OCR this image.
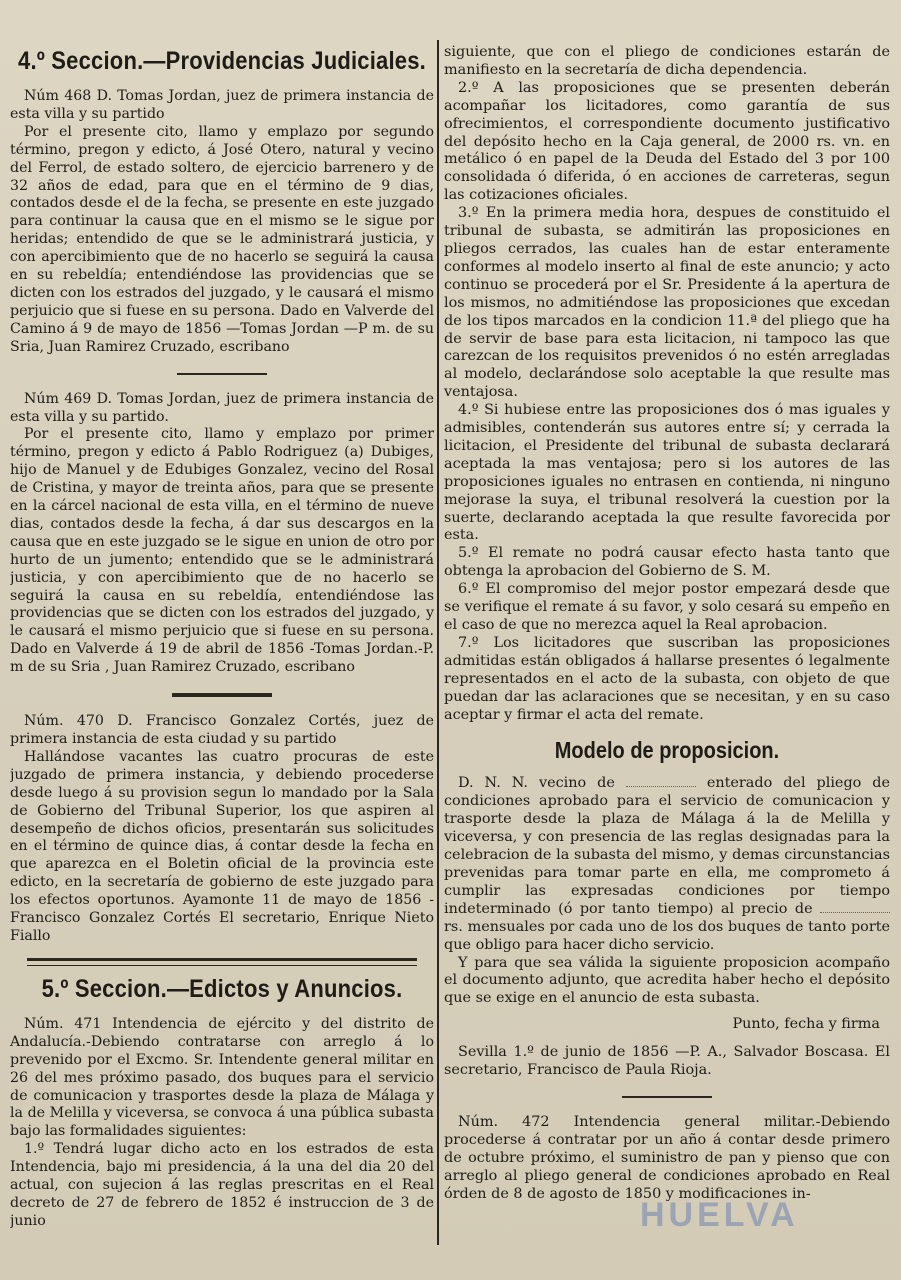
4.º Seccion.—Providencias Judiciales.

Núm 468 D. Tomas Jordan, juez de primera instancia de esta villa y su partido

Por el presente cito, llamo y emplazo por segundo término, pregon y edicto, á José Otero, natural y vecino del Ferrol, de estado soltero, de ejercicio barrenero y de 32 años de edad, para que en el término de 9 dias, contados desde el de la fecha, se presente en este juzgado para continuar la causa que en el mismo se le sigue por heridas; entendido de que se le administrará justicia, y con apercibimiento que de no hacerlo se seguirá la causa en su rebeldía; entendiéndose las providencias que se dicten con los estrados del juzgado, y le causará el mismo perjuicio que si fuese en su persona. Dado en Valverde del Camino á 9 de mayo de 1856 —Tomas Jordan —P m. de su Sria, Juan Ramirez Cruzado, escribano

Núm 469 D. Tomas Jordan, juez de primera instancia de esta villa y su partido.

Por el presente cito, llamo y emplazo por primer término, pregon y edicto á Pablo Rodriguez (a) Dubiges, hijo de Manuel y de Edubiges Gonzalez, vecino del Rosal de Cristina, y mayor de treinta años, para que se presente en la cárcel nacional de esta villa, en el término de nueve dias, contados desde la fecha, á dar sus descargos en la causa que en este juzgado se le sigue en union de otro por hurto de un jumento; entendido que se le administrará justicia, y con apercibimiento que de no hacerlo se seguirá la causa en su rebeldía, entendiéndose las providencias que se dicten con los estrados del juzgado, y le causará el mismo perjuicio que si fuese en su persona. Dado en Valverde á 19 de abril de 1856 -Tomas Jordan.-P. m de su Sria , Juan Ramirez Cruzado, escribano

Núm. 470 D. Francisco Gonzalez Cortés, juez de primera instancia de esta ciudad y su partido

Hallándose vacantes las cuatro procuras de este juzgado de primera instancia, y debiendo procederse desde luego á su provision segun lo mandado por la Sala de Gobierno del Tribunal Superior, los que aspiren al desempeño de dichos oficios, presentarán sus solicitudes en el término de quince dias, á contar desde la fecha en que aparezca en el Boletin oficial de la provincia este edicto, en la secretaría de gobierno de este juzgado para los efectos oportunos. Ayamonte 11 de mayo de 1856 -Francisco Gonzalez Cortés El secretario, Enrique Nieto Fiallo

5.º Seccion.—Edictos y Anuncios.

Núm. 471 Intendencia de ejército y del distrito de Andalucía.-Debiendo contratarse con arreglo á lo prevenido por el Excmo. Sr. Intendente general militar en 26 del mes próximo pasado, dos buques para el servicio de comunicacion y trasportes desde la plaza de Málaga y la de Melilla y viceversa, se convoca á una pública subasta bajo las formalidades siguientes:

1.º Tendrá lugar dicho acto en los estrados de esta Intendencia, bajo mi presidencia, á la una del dia 20 del actual, con sujecion á las reglas prescritas en el Real decreto de 27 de febrero de 1852 é instruccion de 3 de junio

siguiente, que con el pliego de condiciones estarán de manifiesto en la secretaría de dicha dependencia.

2.º A las proposiciones que se presenten deberán acompañar los licitadores, como garantía de sus ofrecimientos, el correspondiente documento justificativo del depósito hecho en la Caja general, de 2000 rs. vn. en metálico ó en papel de la Deuda del Estado del 3 por 100 consolidada ó diferida, ó en acciones de carreteras, segun las cotizaciones oficiales.

3.º En la primera media hora, despues de constituido el tribunal de subasta, se admitirán las proposiciones en pliegos cerrados, las cuales han de estar enteramente conformes al modelo inserto al final de este anuncio; y acto continuo se procederá por el Sr. Presidente á la apertura de los mismos, no admitiéndose las proposiciones que excedan de los tipos marcados en la condicion 11.ª del pliego que ha de servir de base para esta licitacion, ni tampoco las que carezcan de los requisitos prevenidos ó no estén arregladas al modelo, declarándose solo aceptable la que resulte mas ventajosa.

4.º Si hubiese entre las proposiciones dos ó mas iguales y admisibles, contenderán sus autores entre sí; y cerrada la licitacion, el Presidente del tribunal de subasta declarará aceptada la mas ventajosa; pero si los autores de las proposiciones iguales no entrasen en contienda, ni ninguno mejorase la suya, el tribunal resolverá la cuestion por la suerte, declarando aceptada la que resulte favorecida por esta.

5.º El remate no podrá causar efecto hasta tanto que obtenga la aprobacion del Gobierno de S. M.

6.º El compromiso del mejor postor empezará desde que se verifique el remate á su favor, y solo cesará su empeño en el caso de que no merezca aquel la Real aprobacion.

7.º Los licitadores que suscriban las proposiciones admitidas están obligados á hallarse presentes ó legalmente representados en el acto de la subasta, con objeto de que puedan dar las aclaraciones que se necesitan, y en su caso aceptar y firmar el acta del remate.

Modelo de proposicion.

D. N. N. vecino de	enterado del pliego de condiciones aprobado para el servicio de comunicacion y trasporte desde la plaza de Málaga á la de Melilla y viceversa, y con presencia de las reglas designadas para la celebracion de la subasta del mismo, y demas circunstancias prevenidas para tomar parte en ella, me comprometo á cumplir las expresadas condiciones por tiempo indeterminado (ó por tanto tiempo) al precio de  rs. mensuales por cada uno de los dos buques de tanto porte que obligo para hacer dicho servicio.

Y para que sea válida la siguiente proposicion acompaño el documento adjunto, que acredita haber hecho el depósito que se exige en el anuncio de esta subasta.

Punto, fecha y firma

Sevilla 1.º de junio de 1856 —P. A., Salvador Boscasa. El secretario, Francisco de Paula Rioja.

Núm. 472 Intendencia general militar.-Debiendo procederse á contratar por un año á contar desde primero de octubre próximo, el suministro de pan y pienso que con arreglo al pliego general de condiciones aprobado en Real órden de 8 de agosto de 1850 y modificaciones in-

HUELVA
